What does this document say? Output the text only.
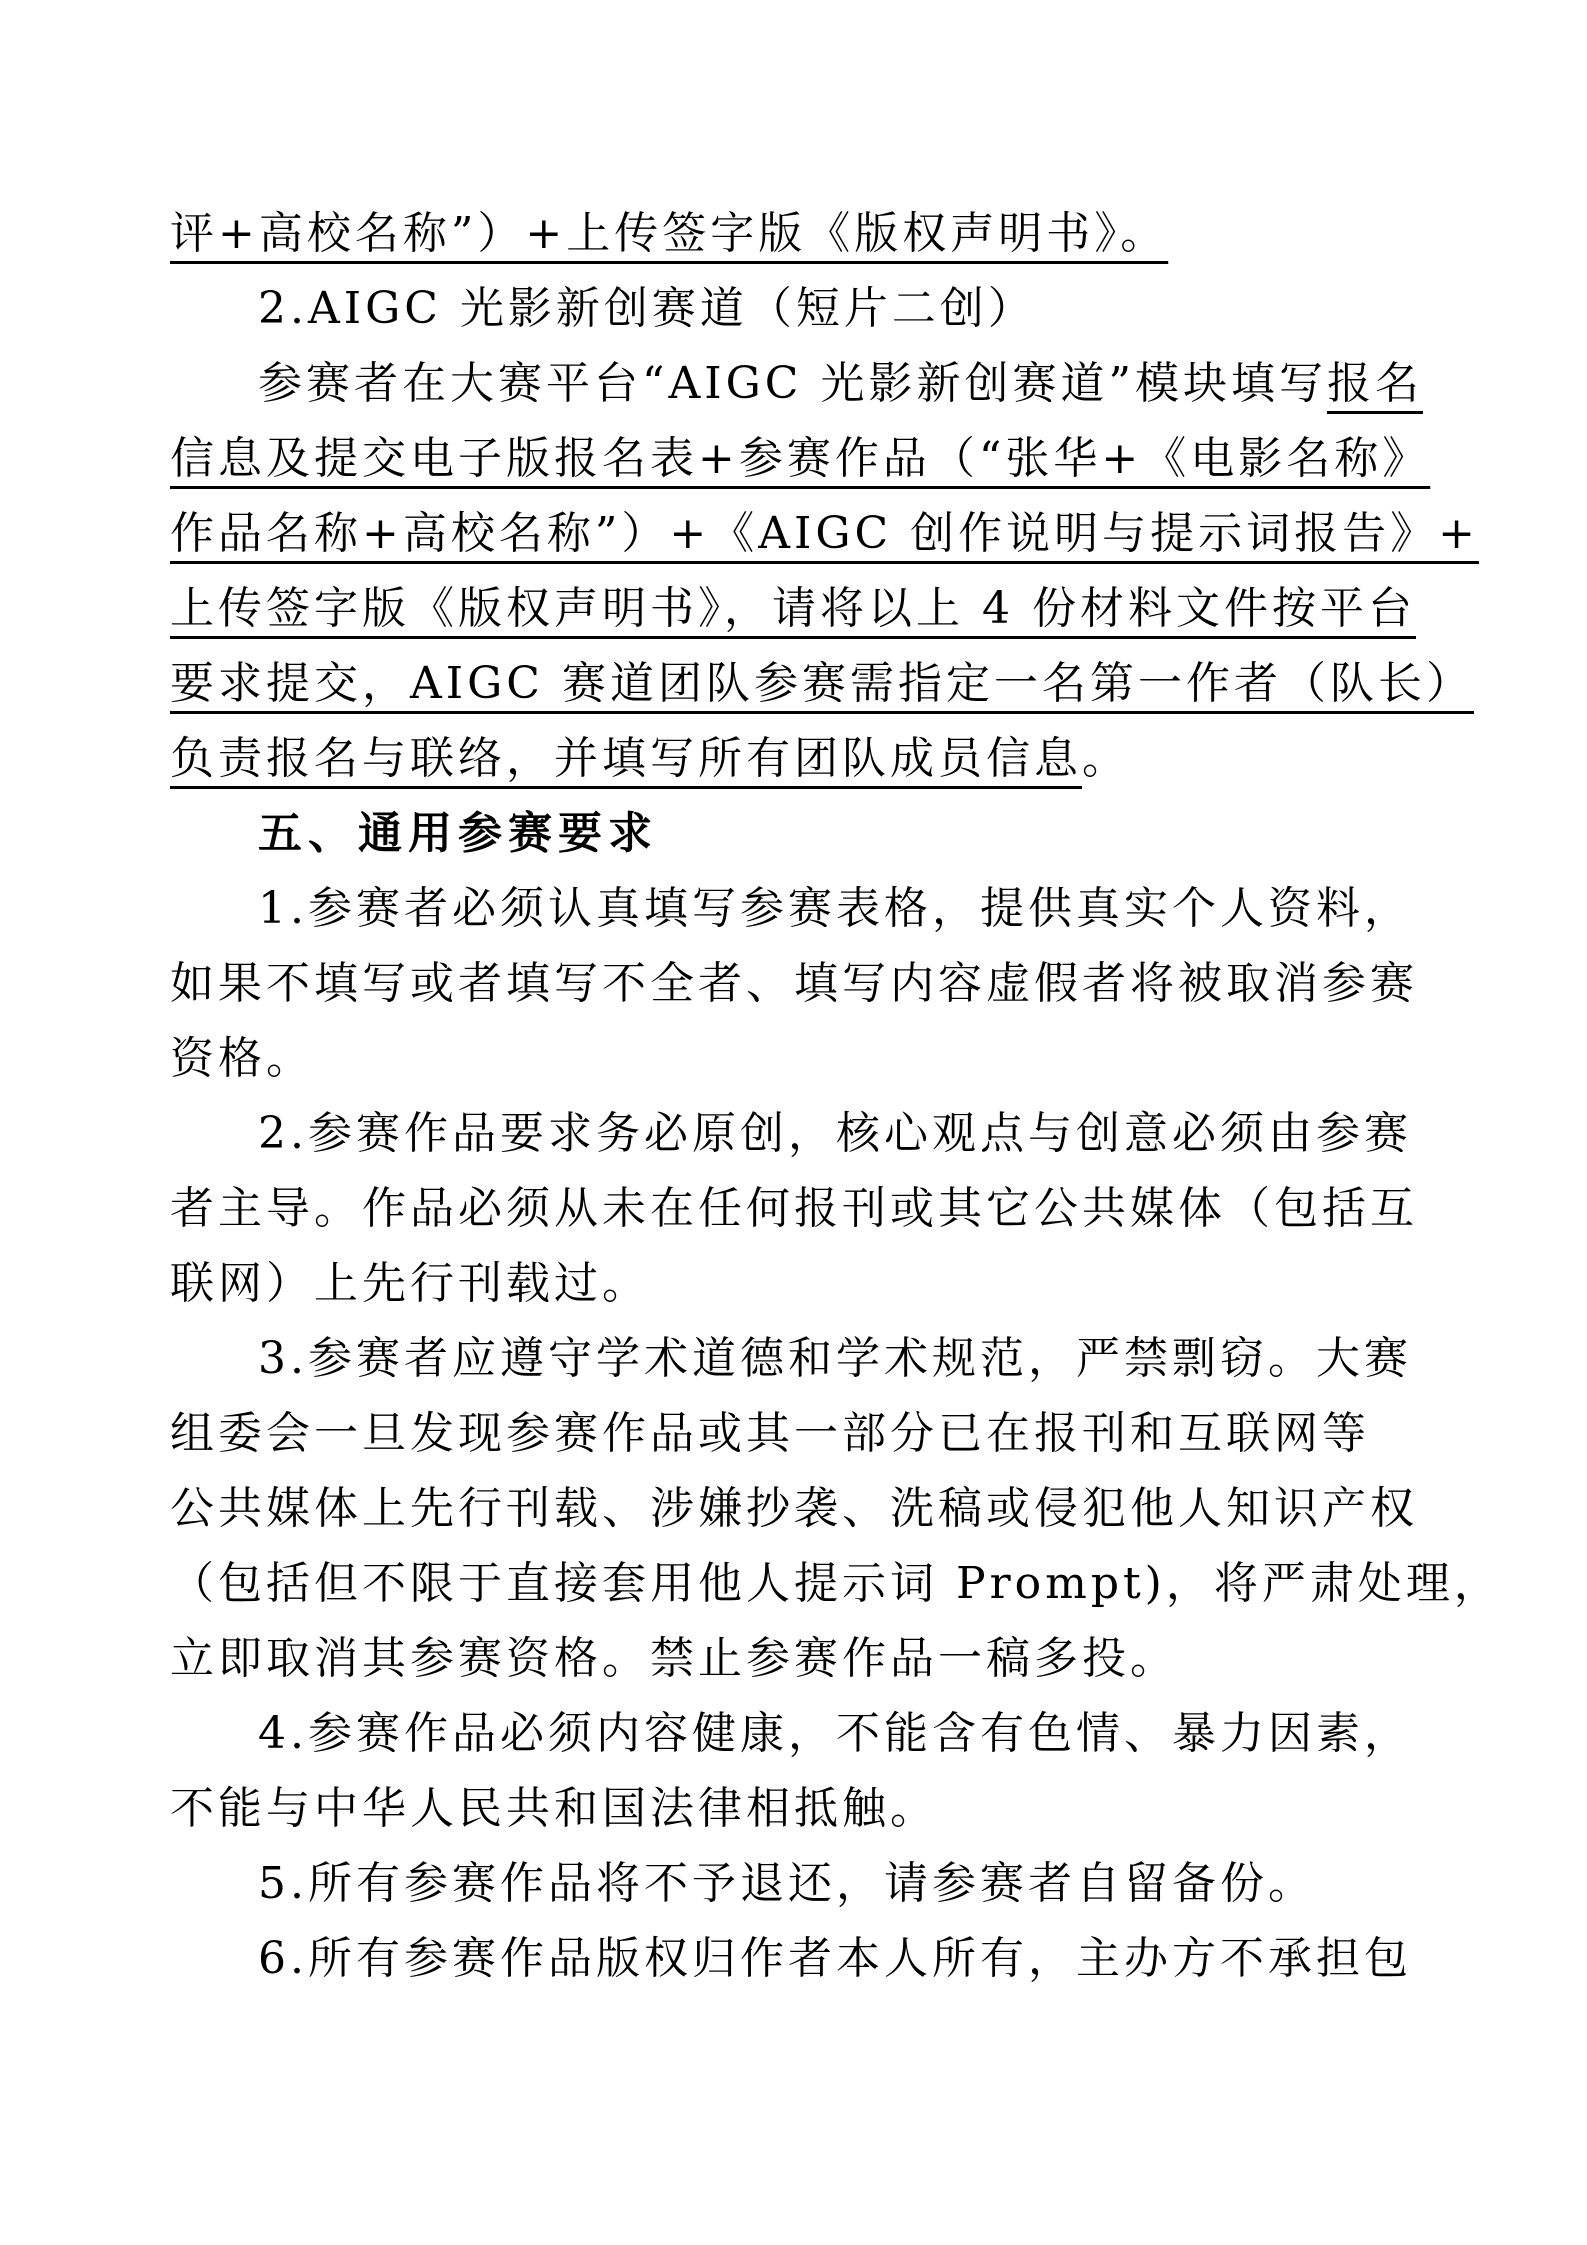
评+高校名称”）+上传签字版《版权声明书》。
2.AIGC 光影新创赛道（短片二创）
参赛者在大赛平台“AIGC 光影新创赛道”模块填写报名
信息及提交电子版报名表+参赛作品（“张华+《电影名称》
作品名称+高校名称”）+《AIGC 创作说明与提示词报告》+
上传签字版《版权声明书》，请将以上 4 份材料文件按平台
要求提交，AIGC 赛道团队参赛需指定一名第一作者（队长）
负责报名与联络，并填写所有团队成员信息。
五、通用参赛要求
1.参赛者必须认真填写参赛表格，提供真实个人资料，
如果不填写或者填写不全者、填写内容虚假者将被取消参赛
资格。
2.参赛作品要求务必原创，核心观点与创意必须由参赛
者主导。作品必须从未在任何报刊或其它公共媒体（包括互
联网）上先行刊载过。
3.参赛者应遵守学术道德和学术规范，严禁剽窃。大赛
组委会一旦发现参赛作品或其一部分已在报刊和互联网等
公共媒体上先行刊载、涉嫌抄袭、洗稿或侵犯他人知识产权
（包括但不限于直接套用他人提示词 Prompt)，将严肃处理，
立即取消其参赛资格。禁止参赛作品一稿多投。
4.参赛作品必须内容健康，不能含有色情、暴力因素，
不能与中华人民共和国法律相抵触。
5.所有参赛作品将不予退还，请参赛者自留备份。
6.所有参赛作品版权归作者本人所有，主办方不承担包
